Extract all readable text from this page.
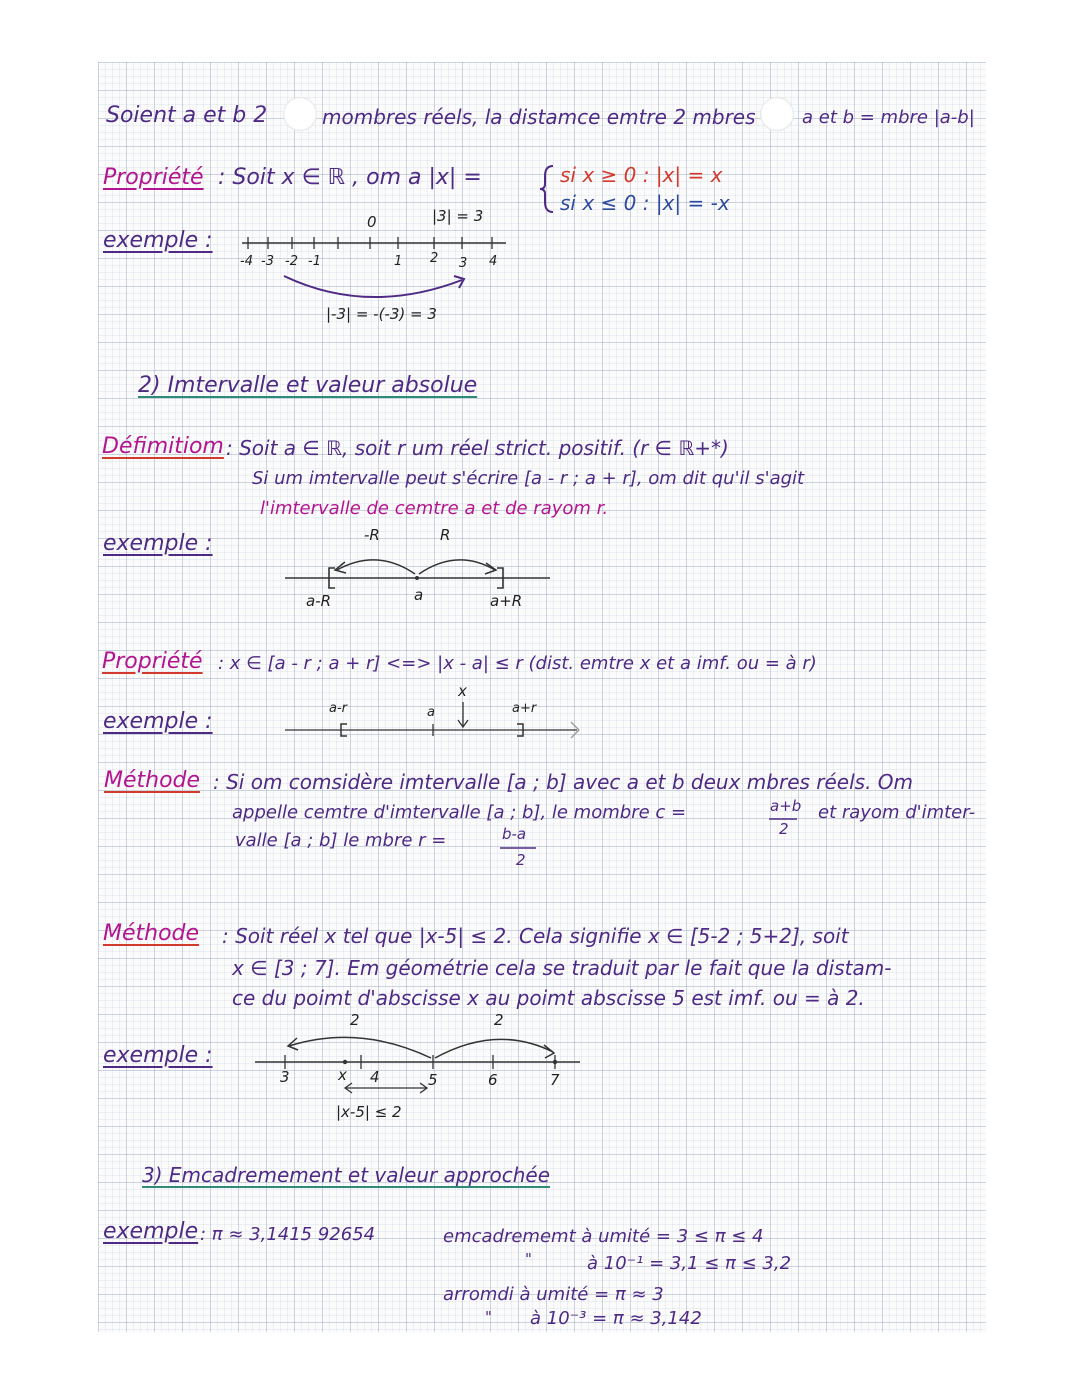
Soient a et b 2	mombres réels, la distamce emtre 2 mbres	a et b = mbre |a-b|
Propriété : Soit x ∈ ℝ , om a |x| =	si x ≥ 0 : |x| = x
si x ≤ 0 : |x| = -x
exemple :
0	|3| = 3
-4 -3 -2 -1	1 2 3 4
|-3| = -(-3) = 3
2) Imtervalle et valeur absolue
Défimitiom : Soit a ∈ ℝ, soit r um réel strict. positif. (r ∈ ℝ+*)
Si um imtervalle peut s'écrire [a - r ; a + r], om dit qu'il s'agit
l'imtervalle de cemtre a et de rayom r.
exemple :	-R	R
a-R	a	a+R
Propriété : x ∈ [a - r ; a + r] <=> |x - a| ≤ r (dist. emtre x et a imf. ou = à r)
exemple :
a-r	a
x
a+r
Méthode : Si om comsidère imtervalle [a ; b] avec a et b deux mbres réels. Om
appelle cemtre d'imtervalle [a ; b], le mombre c =	a+b
2
et rayom d'imter-
valle [a ; b] le mbre r =	b-a
2
Méthode : Soit réel x tel que |x-5| ≤ 2. Cela signifie x ∈ [5-2 ; 5+2], soit
x ∈ [3 ; 7]. Em géométrie cela se traduit par le fait que la distam-
ce du poimt d'abscisse x au poimt abscisse 5 est imf. ou = à 2.
exemple :
2	2
3	x 4	5	6	7
|x-5| ≤ 2
3) Emcadremement et valeur approchée
exemple : π ≈ 3,1415 92654	emcadrememt à umité = 3 ≤ π ≤ 4
"	à 10⁻¹ = 3,1 ≤ π ≤ 3,2
arromdi à umité = π ≈ 3
" à 10⁻³ = π ≈ 3,142
